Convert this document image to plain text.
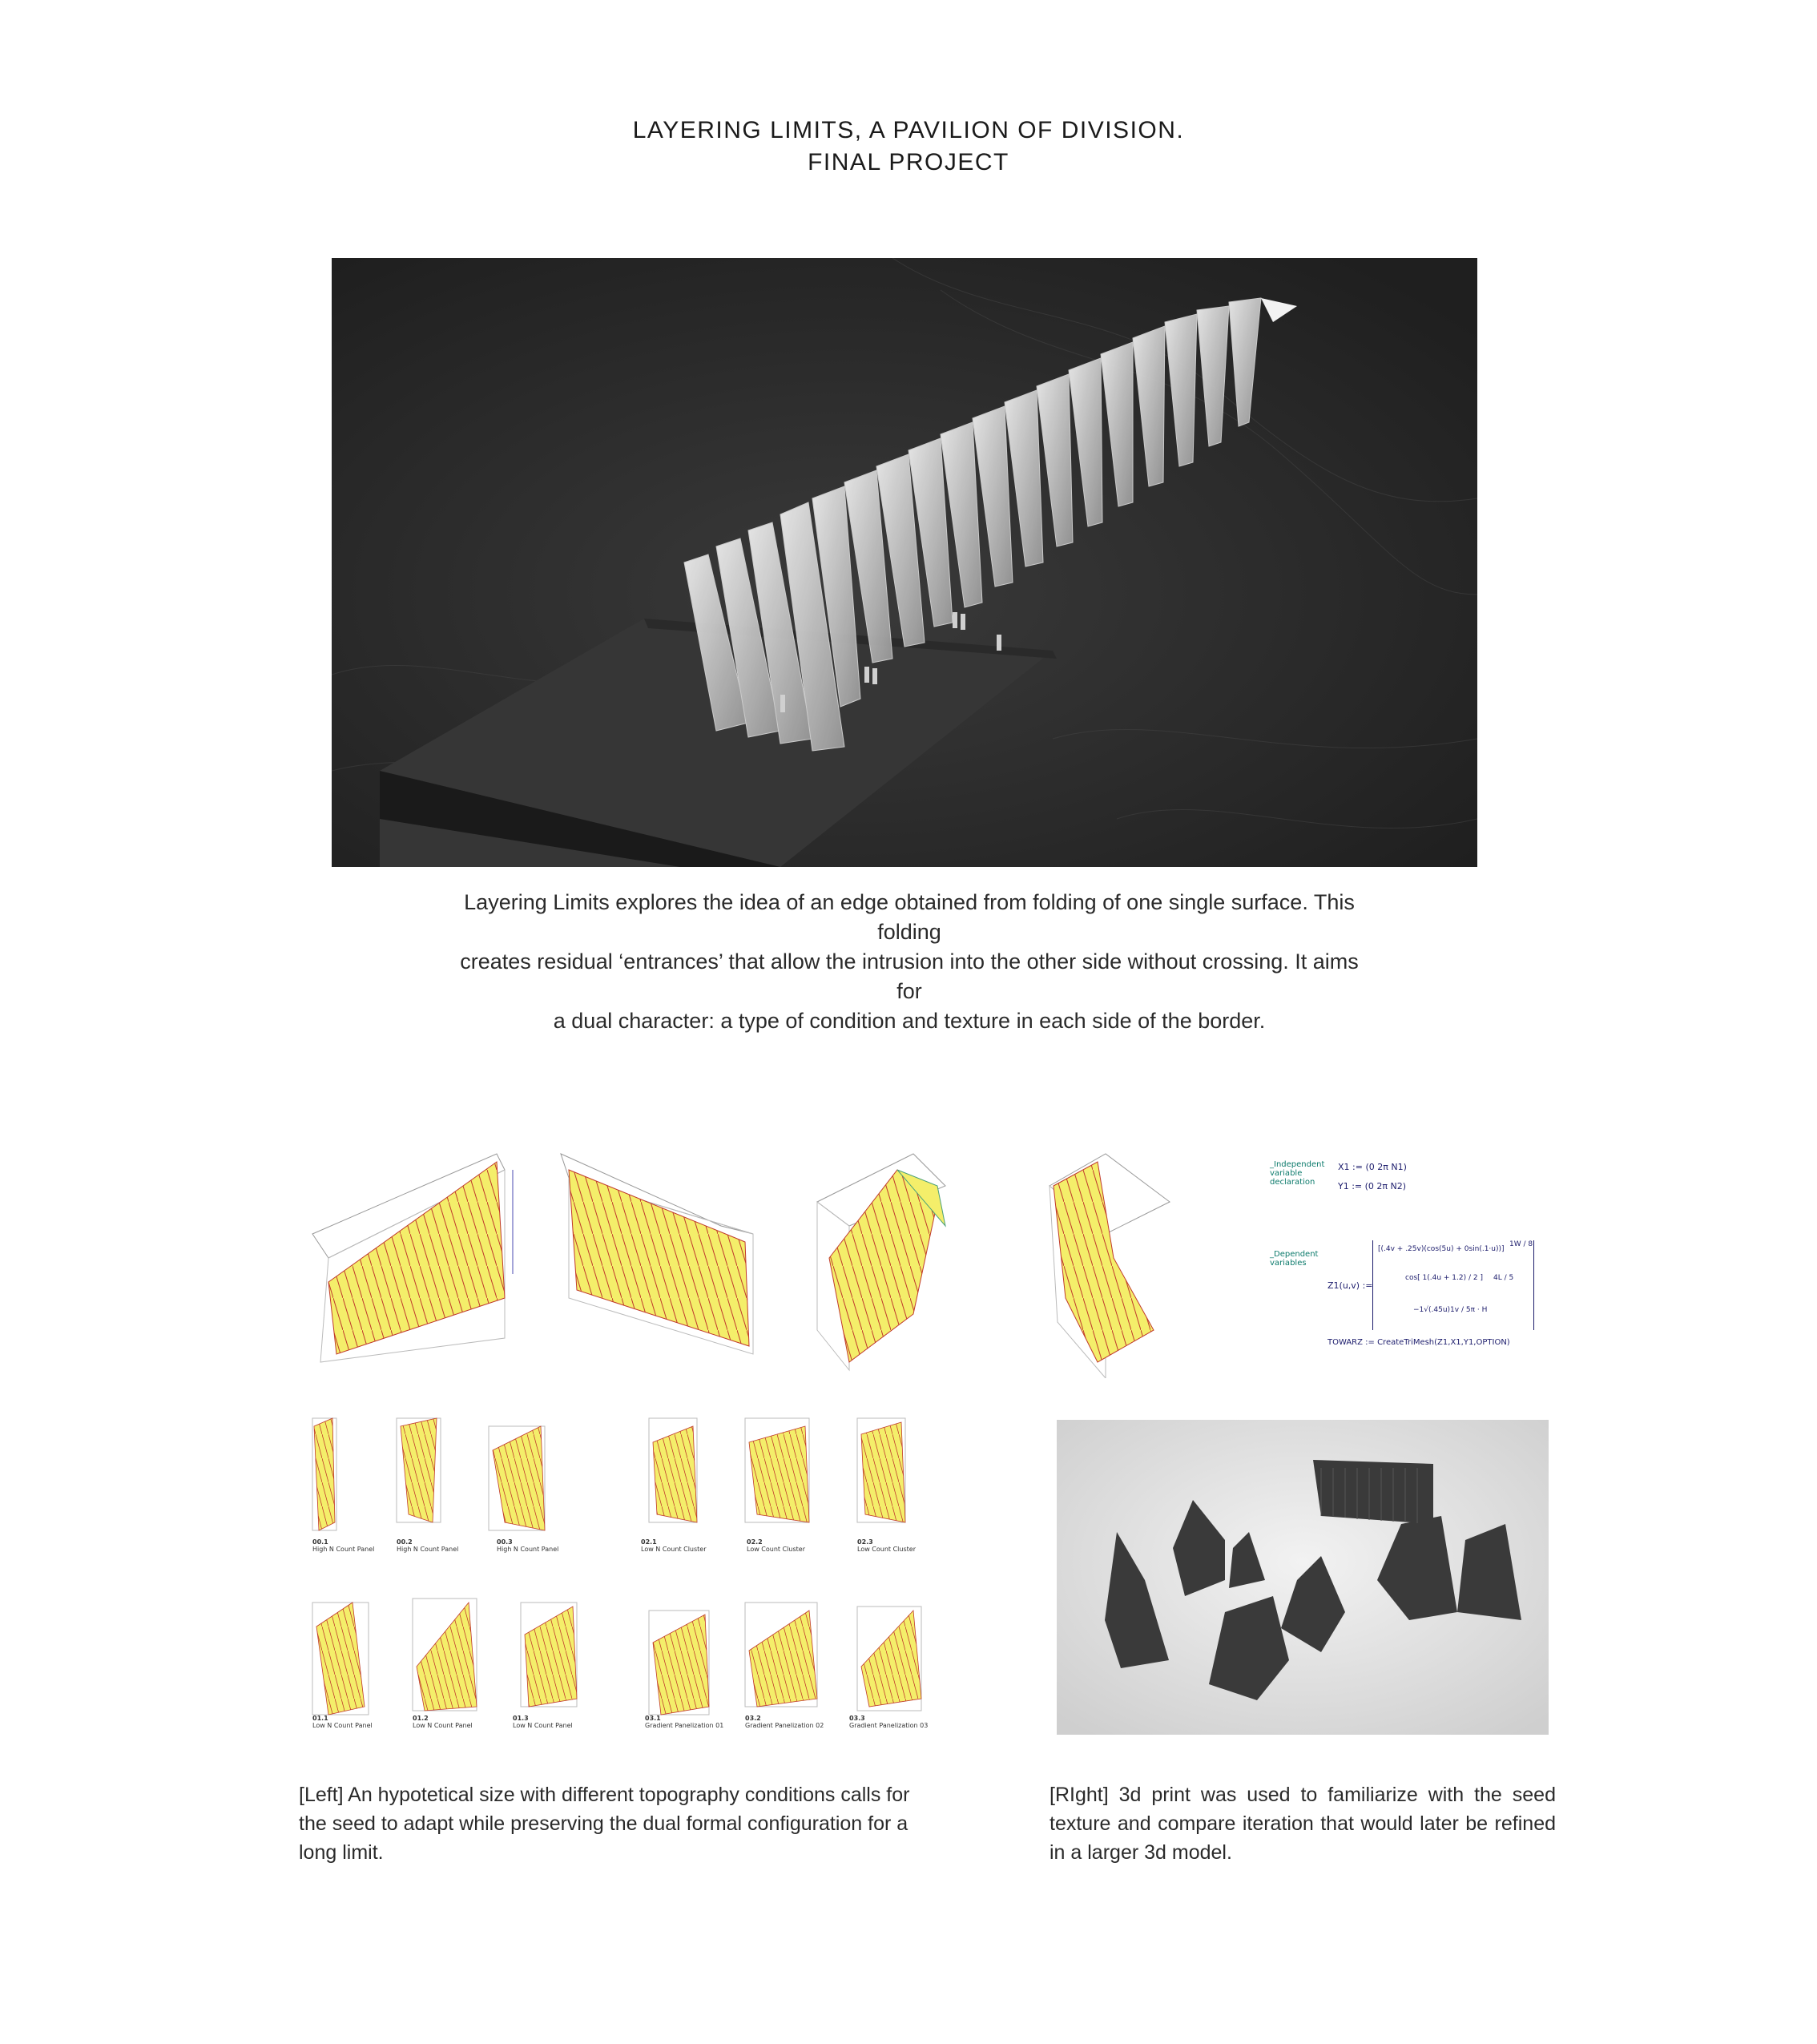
LAYERING LIMITS, A PAVILION OF DIVISION.
FINAL PROJECT
Layering Limits explores the idea of an edge obtained from folding of one single surface. This folding
creates residual ‘entrances’ that allow the intrusion into the other side without crossing. It aims for
a dual character: a type of condition and texture in each side of the border.
_Independent variable declaration
X1 := (0 2π N1)
Y1 := (0 2π N2)
_Dependent variables
Z1(u,v) :=
[(.4v + .25v)(cos(5u) + 0sin(.1·u))]
1W / 8
cos[ 1(.4u + 1.2) / 2 ] 4L / 5
−1√(.45u)1v / 5π · H
TOWARZ := CreateTriMesh(Z1,X1,Y1,OPTION)
00.1
High N Count Panel
00.2
High N Count Panel
00.3
High N Count Panel
02.1
Low N Count Cluster
02.2
Low Count Cluster
02.3
Low Count Cluster
01.1
Low N Count Panel
01.2
Low N Count Panel
01.3
Low N Count Panel
03.1
Gradient Panelization 01
03.2
Gradient Panelization 02
03.3
Gradient Panelization 03
[Left] An hypotetical size with different topography conditions calls for the seed to adapt while preserving the dual formal configuration for a long limit.
[RIght] 3d print was used to familiarize with the seed texture and compare iteration that would later be refined in a larger 3d model.
